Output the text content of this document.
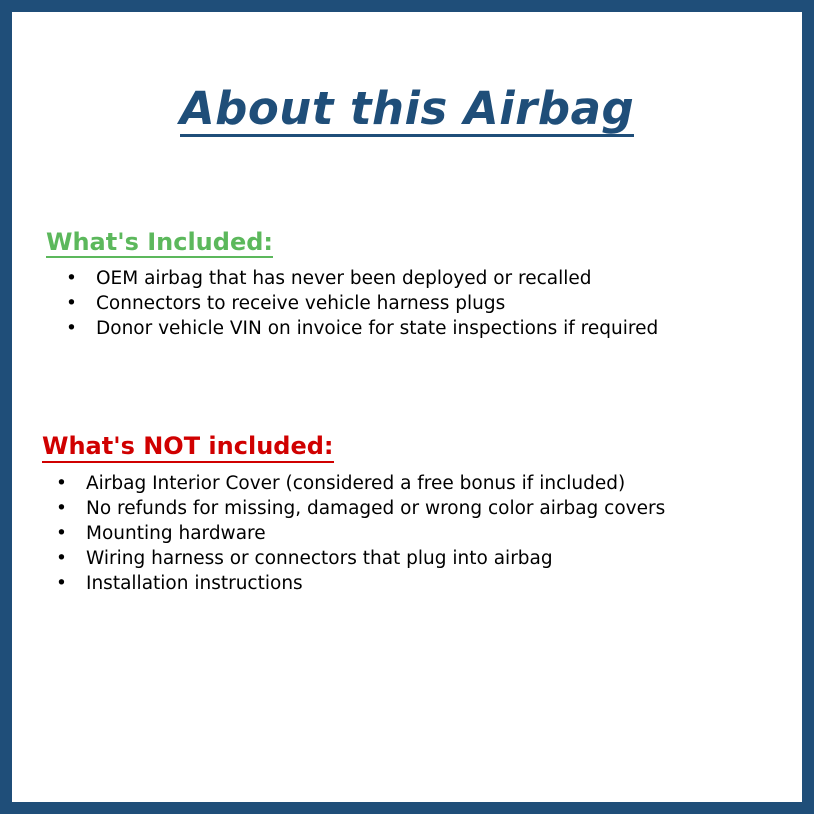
About this Airbag
What's Included:
• OEM airbag that has never been deployed or recalled
• Connectors to receive vehicle harness plugs
• Donor vehicle VIN on invoice for state inspections if required
What's NOT included:
• Airbag Interior Cover (considered a free bonus if included)
• No refunds for missing, damaged or wrong color airbag covers
• Mounting hardware
• Wiring harness or connectors that plug into airbag
• Installation instructions
